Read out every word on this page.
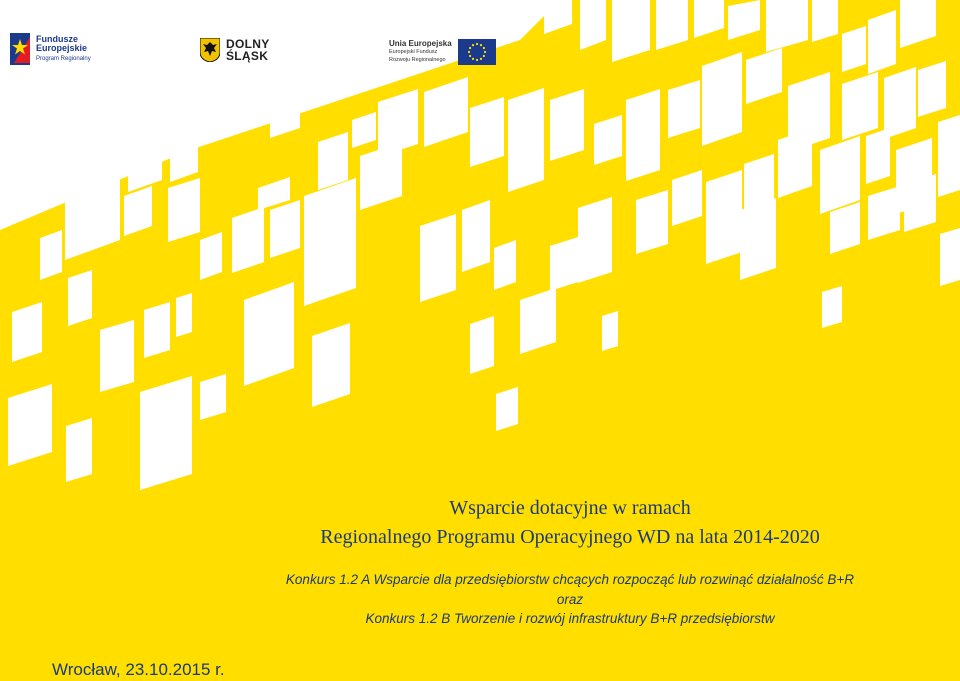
Fundusze
Europejskie
Program Regionalny
DOLNY
ŚLĄSK
Unia Europejska
Europejski Fundusz
Rozwoju Regionalnego

Wsparcie dotacyjne w ramach

Regionalnego Programu Operacyjnego WD na lata 2014-2020

Konkurs 1.2 A Wsparcie dla przedsiębiorstw chcących rozpocząć lub rozwinąć działalność B+R

oraz

Konkurs 1.2 B Tworzenie i rozwój infrastruktury B+R przedsiębiorstw

Wrocław, 23.10.2015 r.
